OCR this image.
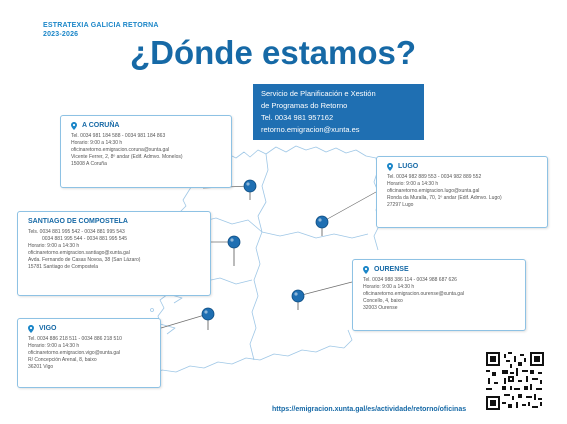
ESTRATEXIA GALICIA RETORNA
2023-2026 ¿Dónde estamos?
Servicio de Planificación e Xestión
de Programas do Retorno
Tel. 0034 981 957162
retorno.emigracion@xunta.es
A CORUÑA
Tel. 0034 981 184 588 - 0034 981 184 863
Horario: 9:00 a 14:30 h
oficinaretorno.emigracion.coruna@xunta.gal
Vicente Ferrer, 2, 8º andar (Edif. Admvo. Monelos)
15008 A Coruña	LUGO
Tel. 0034 982 889 553 - 0034 982 889 552
Horario: 9:00 a 14:30 h
oficinaretorno.emigracion.lugo@xunta.gal
Ronda da Muralla, 70, 1º andar (Edif. Admvo. Lugo)
27297 Lugo
SANTIAGO DE COMPOSTELA
Tels. 0034 881 995 542 - 0034 881 995 543
0034 881 995 544 - 0034 881 995 545
Horario: 9:00 a 14:30 h
oficinaretorno.emigracion.santiago@xunta.gal
Avda. Fernando de Casas Novoa, 38 (San Lázaro)
15781 Santiago de Compostela	OURENSE
Tel. 0034 988 386 114 - 0034 988 687 626
Horario: 9:00 a 14:30 h
oficinaretorno.emigracion.ourense@xunta.gal
Concello, 4, baixo
32003 Ourense
VIGO
Tel. 0034 886 218 511 - 0034 886 218 510
Horario: 9:00 a 14:30 h
oficinaretorno.emigracion.vigo@xunta.gal
R/ Concepción Arenal, 8, baixo
36201 Vigo
https://emigracion.xunta.gal/es/actividade/retorno/oficinas
